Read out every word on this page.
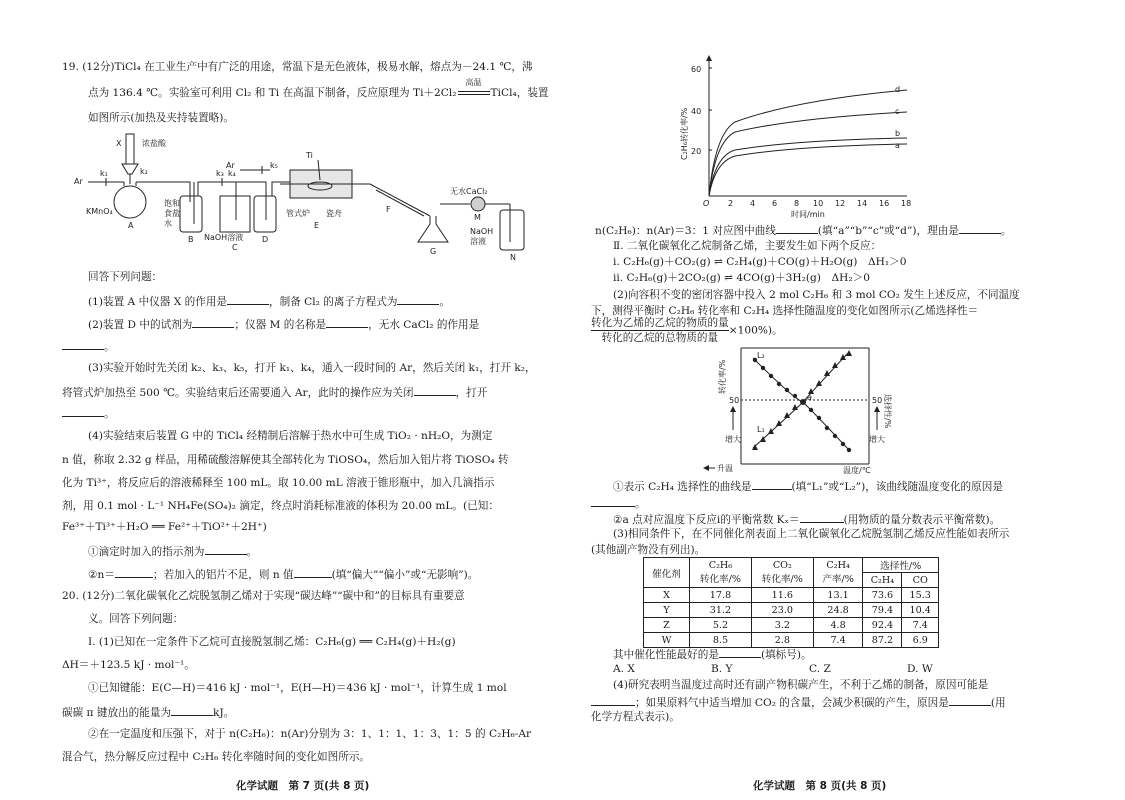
19. (12分)TiCl₄ 在工业生产中有广泛的用途，常温下是无色液体，极易水解，熔点为－24.1 ℃，沸
点为 136.4 ℃。实验室可利用 Cl₂ 和 Ti 在高温下制备，反应原理为 Ti＋2Cl₂
高温
TiCl₄，装置
如图所示(加热及夹持装置略)。
X	浓盐酸
Ar
k₁	k₂	k₃ k₄
k₅
KMnO₄
A
饱和
食盐
水
B NaOH溶液
C
D
Ar
Ti
管式炉 瓷舟
E
F
G
无水CaCl₂
M
NaOH
溶液
N
回答下列问题：
(1)装置 A 中仪器 X 的作用是	，制备 Cl₂ 的离子方程式为	。
(2)装置 D 中的试剂为	；仪器 M 的名称是	，无水 CaCl₂ 的作用是
。
(3)实验开始时先关闭 k₂、k₃、k₅，打开 k₁、k₄，通入一段时间的 Ar，然后关闭 k₁，打开 k₂，
将管式炉加热至 500 ℃。实验结束后还需要通入 Ar，此时的操作应为关闭	，打开
。
(4)实验结束后装置 G 中的 TiCl₄ 经精制后溶解于热水中可生成 TiO₂ · nH₂O，为测定
n 值，称取 2.32 g 样品，用稀硫酸溶解使其全部转化为 TiOSO₄，然后加入铝片将 TiOSO₄ 转
化为 Ti³⁺，将反应后的溶液稀释至 100 mL。取 10.00 mL 溶液于锥形瓶中，加入几滴指示
剂，用 0.1 mol · L⁻¹ NH₄Fe(SO₄)₂ 滴定，终点时消耗标准液的体积为 20.00 mL。(已知：
Fe³⁺＋Ti³⁺＋H₂O ══ Fe²⁺＋TiO²⁺＋2H⁺)
①滴定时加入的指示剂为	。
②n＝	；若加入的铝片不足，则 n 值	(填“偏大”“偏小”或“无影响”)。
20. (12分)二氧化碳氧化乙烷脱氢制乙烯对于实现“碳达峰”“碳中和”的目标具有重要意
义。回答下列问题：
Ⅰ. (1)已知在一定条件下乙烷可直接脱氢制乙烯：C₂H₆(g) ══ C₂H₄(g)＋H₂(g)
ΔH＝＋123.5 kJ · mol⁻¹。
①已知键能：E(C—H)＝416 kJ · mol⁻¹，E(H—H)＝436 kJ · mol⁻¹，计算生成 1 mol
碳碳 π 键放出的能量为	kJ。
②在一定温度和压强下，对于 n(C₂H₆)：n(Ar)分别为 3：1、1：1、1：3、1：5 的 C₂H₆-Ar
混合气，热分解反应过程中 C₂H₆ 转化率随时间的变化如图所示。
化学试题　第 7 页(共 8 页)
20
40
60
O 2 4 6 8 10 12 14 16 18
时间/min
C₂H₆转化率/%	a
b
c
d
n(C₂H₆)：n(Ar)＝3：1 对应图中曲线	(填“a”“b”“c”或“d”)，理由是	。
Ⅱ. 二氧化碳氧化乙烷制备乙烯，主要发生如下两个反应：
ⅰ. C₂H₆(g)＋CO₂(g) ⇌ C₂H₄(g)＋CO(g)＋H₂O(g)　ΔH₁＞0
ⅱ. C₂H₆(g)＋2CO₂(g) ⇌ 4CO(g)＋3H₂(g)　ΔH₂＞0
(2)向容积不变的密闭容器中投入 2 mol C₂H₆ 和 3 mol CO₂ 发生上述反应，不同温度
下，测得平衡时 C₂H₆ 转化率和 C₂H₄ 选择性随温度的变化如图所示(乙烯选择性＝
转化为乙烯的乙烷的物质的量
转化的乙烷的总物质的量
×100%)。
L₂
L₁
a
50	50
增大	增大
升温	温度/℃
转化率/%
选择性/%
①表示 C₂H₄ 选择性的曲线是	(填“L₁”或“L₂”)，该曲线随温度变化的原因是
。
②a 点对应温度下反应ⅰ的平衡常数 Kₓ＝	(用物质的量分数表示平衡常数)。
(3)相同条件下，在不同催化剂表面上二氧化碳氧化乙烷脱氢制乙烯反应性能如表所示
(其他副产物没有列出)。
催化剂	C₂H₆
转化率/%	CO₂
转化率/%	C₂H₄
产率/%	选择性/%	
				C₂H₄	CO
X	17.8	11.6	13.1	73.6	15.3
Y	31.2	23.0	24.8	79.4	10.4
Z	5.2	3.2	4.8	92.4	7.4
W	8.5	2.8	7.4	87.2	6.9
其中催化性能最好的是	(填标号)。
A. X	B. Y	C. Z	D. W
(4)研究表明当温度过高时还有副产物积碳产生，不利于乙烯的制备，原因可能是
；如果原料气中适当增加 CO₂ 的含量，会减少积碳的产生，原因是	(用
化学方程式表示)。
化学试题　第 8 页(共 8 页)
